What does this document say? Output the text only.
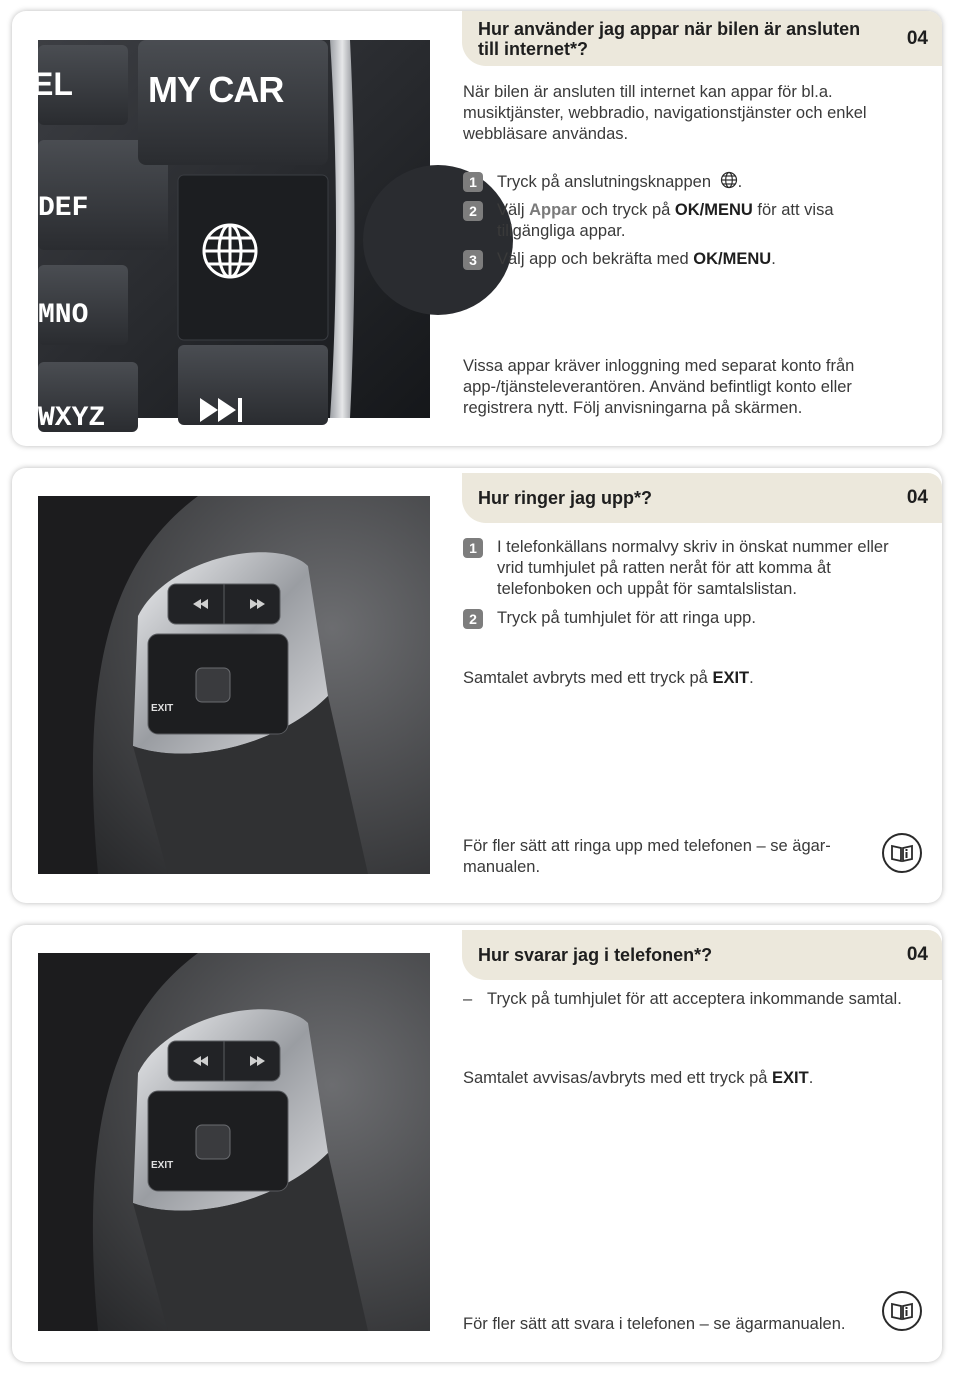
MY CAR
EL
DEF
MNO
WXYZ
Hur använder jag appar när bilen är ansluten till internet*?	04
När bilen är ansluten till internet kan appar för bl.a. musiktjänster, webbradio, navigationstjänster och enkel webbläsare användas.
1	Tryck på anslutningsknappen .
2	Välj Appar och tryck på OK/MENU för att visa tillgängliga appar.
3	Välj app och bekräfta med OK/MENU.
Vissa appar kräver inloggning med separat konto från app-/tjänsteleverantören. Använd befintligt konto eller registrera nytt. Följ anvisningarna på skärmen.
EXIT
Hur ringer jag upp*?	04
1	I telefonkällans normalvy skriv in önskat nummer eller vrid tumhjulet på ratten neråt för att komma åt telefonboken och uppåt för samtalslistan.
2	Tryck på tumhjulet för att ringa upp.
Samtalet avbryts med ett tryck på EXIT.
För fler sätt att ringa upp med telefonen – se ägar-manualen.
EXIT
Hur svarar jag i telefonen*?	04
– Tryck på tumhjulet för att acceptera inkommande samtal.
Samtalet avvisas/avbryts med ett tryck på EXIT.
För fler sätt att svara i telefonen – se ägarmanualen.
